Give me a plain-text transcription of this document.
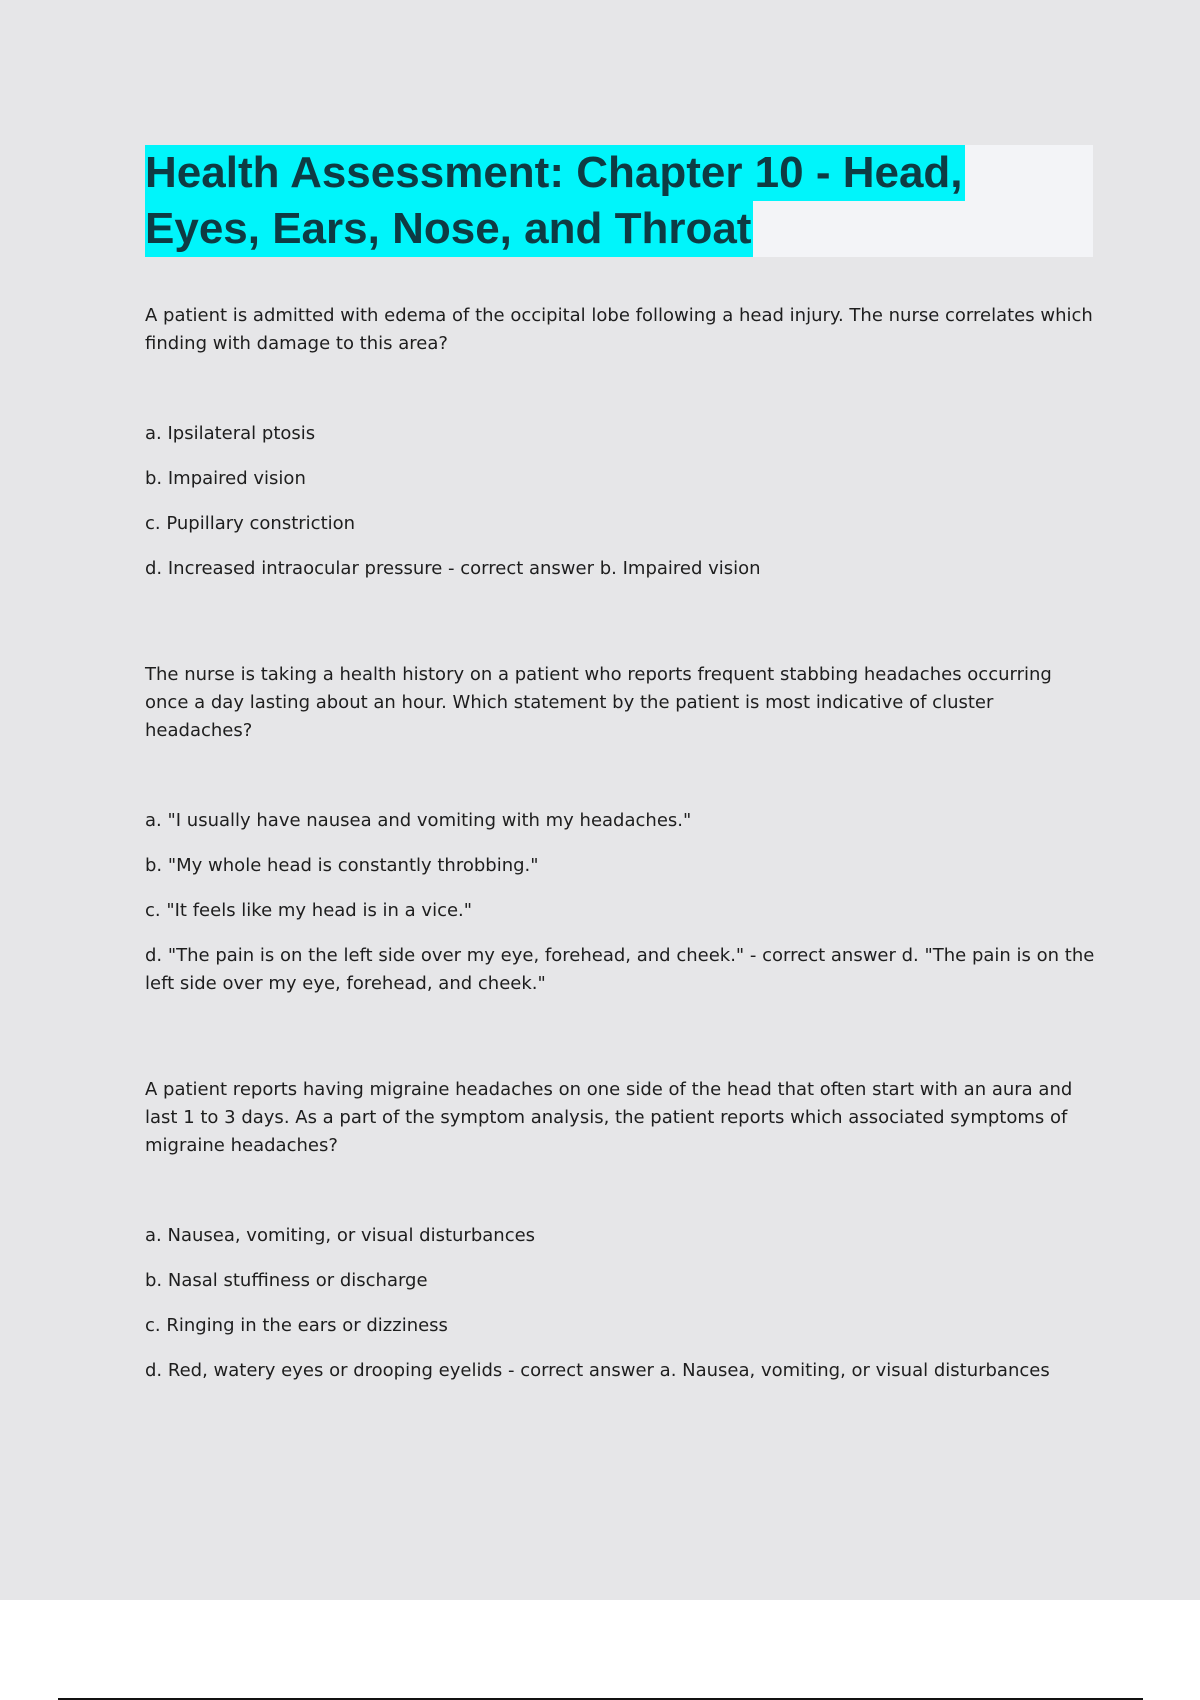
Health Assessment: Chapter 10 - Head,
Eyes, Ears, Nose, and Throat

A patient is admitted with edema of the occipital lobe following a head injury. The nurse correlates which finding with damage to this area?

a. Ipsilateral ptosis
b. Impaired vision
c. Pupillary constriction
d. Increased intraocular pressure - correct answer b. Impaired vision

The nurse is taking a health history on a patient who reports frequent stabbing headaches occurring once a day lasting about an hour. Which statement by the patient is most indicative of cluster headaches?

a. "I usually have nausea and vomiting with my headaches."
b. "My whole head is constantly throbbing."
c. "It feels like my head is in a vice."
d. "The pain is on the left side over my eye, forehead, and cheek." - correct answer d. "The pain is on the left side over my eye, forehead, and cheek."

A patient reports having migraine headaches on one side of the head that often start with an aura and last 1 to 3 days. As a part of the symptom analysis, the patient reports which associated symptoms of migraine headaches?

a. Nausea, vomiting, or visual disturbances
b. Nasal stuffiness or discharge
c. Ringing in the ears or dizziness
d. Red, watery eyes or drooping eyelids - correct answer a. Nausea, vomiting, or visual disturbances
